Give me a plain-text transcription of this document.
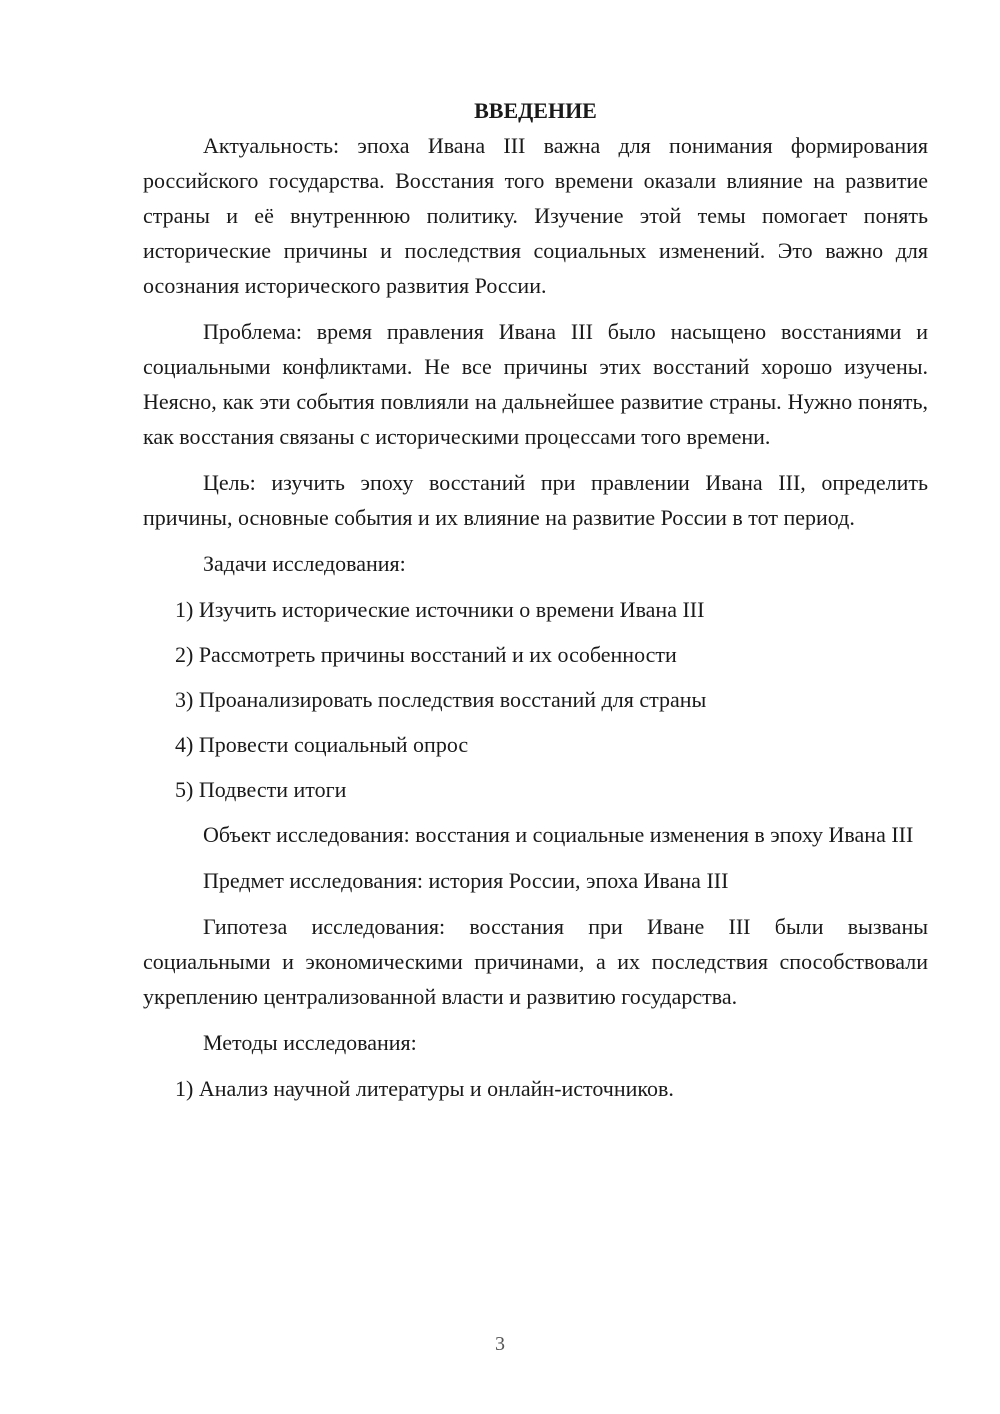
ВВЕДЕНИЕ

Актуальность: эпоха Ивана III важна для понимания формирования российского государства. Восстания того времени оказали влияние на развитие страны и её внутреннюю политику. Изучение этой темы помогает понять исторические причины и последствия социальных изменений. Это важно для осознания исторического развития России.

Проблема: время правления Ивана III было насыщено восстаниями и социальными конфликтами. Не все причины этих восстаний хорошо изучены. Неясно, как эти события повлияли на дальнейшее развитие страны. Нужно понять, как восстания связаны с историческими процессами того времени.

Цель: изучить эпоху восстаний при правлении Ивана III, определить причины, основные события и их влияние на развитие России в тот период.

Задачи исследования:

1) Изучить исторические источники о времени Ивана III
2) Рассмотреть причины восстаний и их особенности
3) Проанализировать последствия восстаний для страны
4) Провести социальный опрос
5) Подвести итоги

Объект исследования: восстания и социальные изменения в эпоху Ивана III

Предмет исследования: история России, эпоха Ивана III

Гипотеза исследования: восстания при Иване III были вызваны социальными и экономическими причинами, а их последствия способствовали укреплению централизованной власти и развитию государства.

Методы исследования:

1) Анализ научной литературы и онлайн-источников.
3
